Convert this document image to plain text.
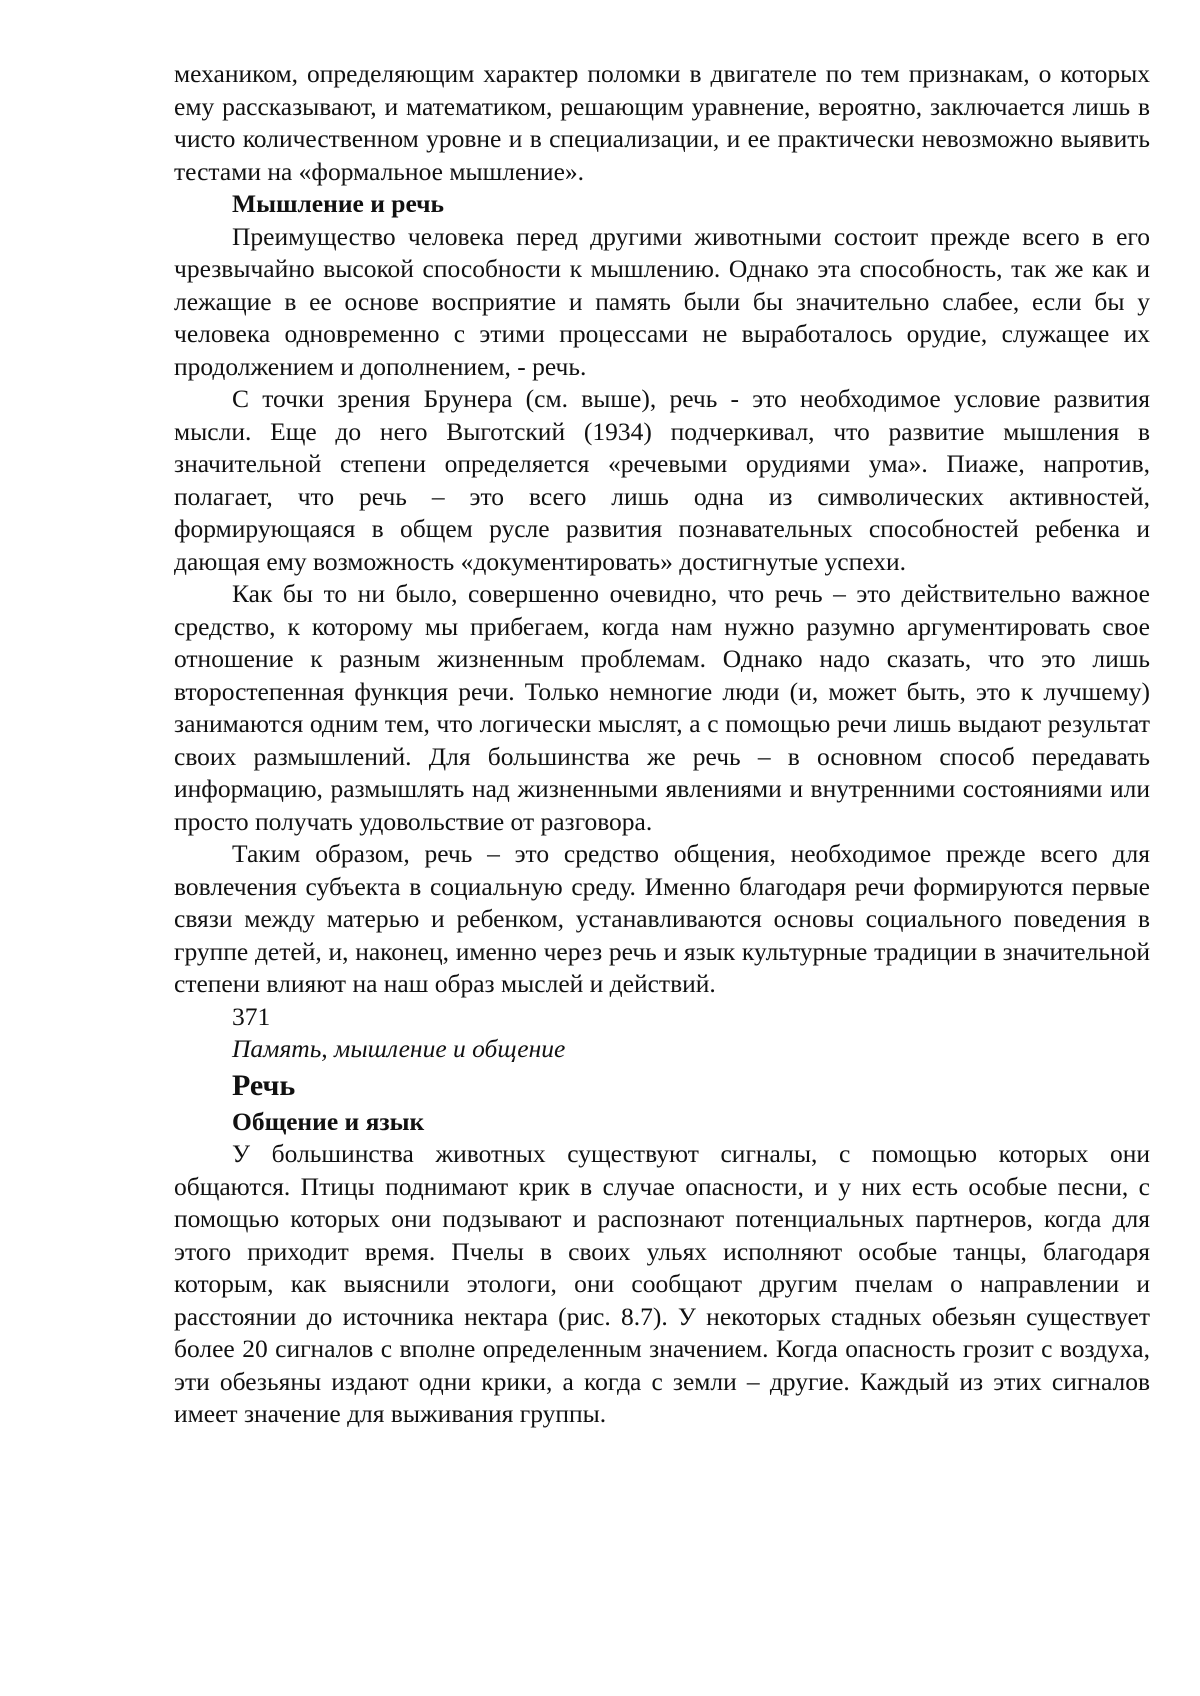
механиком, определяющим характер поломки в двигателе по тем признакам, о которых ему рассказывают, и математиком, решающим уравнение, вероятно, заключается лишь в чисто количественном уровне и в специализации, и ее практически невозможно выявить тестами на «формальное мышление».

Мышление и речь

Преимущество человека перед другими животными состоит прежде всего в его чрезвычайно высокой способности к мышлению. Однако эта способность, так же как и лежащие в ее основе восприятие и память были бы значительно слабее, если бы у человека одновременно с этими процессами не выработалось орудие, служащее их продолжением и дополнением, - речь.

С точки зрения Брунера (см. выше), речь - это необходимое условие развития мысли. Еще до него Выготский (1934) подчеркивал, что развитие мышления в значительной степени определяется «речевыми орудиями ума». Пиаже, напротив, полагает, что речь – это всего лишь одна из символических активностей, формирующаяся в общем русле развития познавательных способностей ребенка и дающая ему возможность «документировать» достигнутые успехи.

Как бы то ни было, совершенно очевидно, что речь – это действительно важное средство, к которому мы прибегаем, когда нам нужно разумно аргументировать свое отношение к разным жизненным проблемам. Однако надо сказать, что это лишь второстепенная функция речи. Только немногие люди (и, может быть, это к лучшему) занимаются одним тем, что логически мыслят, а с помощью речи лишь выдают результат своих размышлений. Для большинства же речь – в основном способ передавать информацию, размышлять над жизненными явлениями и внутренними состояниями или просто получать удовольствие от разговора.

Таким образом, речь – это средство общения, необходимое прежде всего для вовлечения субъекта в социальную среду. Именно благодаря речи формируются первые связи между матерью и ребенком, устанавливаются основы социального поведения в группе детей, и, наконец, именно через речь и язык культурные традиции в значительной степени влияют на наш образ мыслей и действий.

371

Память, мышление и общение

Речь

Общение и язык

У большинства животных существуют сигналы, с помощью которых они общаются. Птицы поднимают крик в случае опасности, и у них есть особые песни, с помощью которых они подзывают и распознают потенциальных партнеров, когда для этого приходит время. Пчелы в своих ульях исполняют особые танцы, благодаря которым, как выяснили этологи, они сообщают другим пчелам о направлении и расстоянии до источника нектара (рис. 8.7). У некоторых стадных обезьян существует более 20 сигналов с вполне определенным значением. Когда опасность грозит с воздуха, эти обезьяны издают одни крики, а когда с земли – другие. Каждый из этих сигналов имеет значение для выживания группы.
